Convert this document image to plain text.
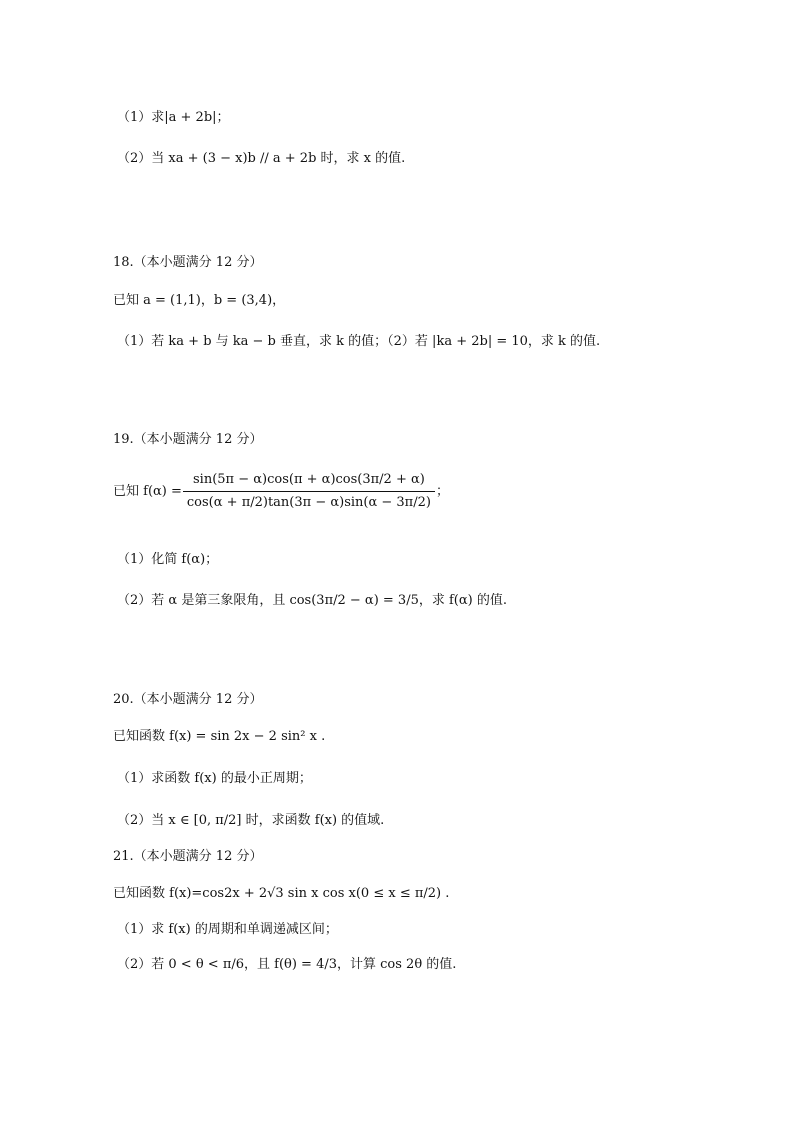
（1）求|a + 2b|；
（2）当 xa + (3 − x)b // a + 2b 时，求 x 的值.
18.（本小题满分 12 分）
已知 a = (1,1)，b = (3,4)，
（1）若 ka + b 与 ka − b 垂直，求 k 的值；（2）若 |ka + 2b| = 10，求 k 的值.
19.（本小题满分 12 分）
已知 $f(\alpha) = \frac{\sin(5\pi - \alpha)\cos(\pi + \alpha)\cos(3\pi/2 + \alpha)}{\cos(\alpha + \pi/2)\tan(3\pi - \alpha)\sin(\alpha - 3\pi/2)}$ ；
（1）化简 f(α)；
（2）若 α 是第三象限角，且 cos(3π/2 − α) = 3/5，求 f(α) 的值.
20.（本小题满分 12 分）
已知函数 f(x) = sin 2x − 2 sin² x .
（1）求函数 f(x) 的最小正周期；
（2）当 x ∈ [0, π/2] 时，求函数 f(x) 的值域.
21.（本小题满分 12 分）
已知函数 f(x)=cos2x + 2√3 sin x cos x(0 ≤ x ≤ π/2) .
（1）求 f(x) 的周期和单调递减区间；
（2）若 0 < θ < π/6，且 f(θ) = 4/3，计算 cos 2θ 的值.
